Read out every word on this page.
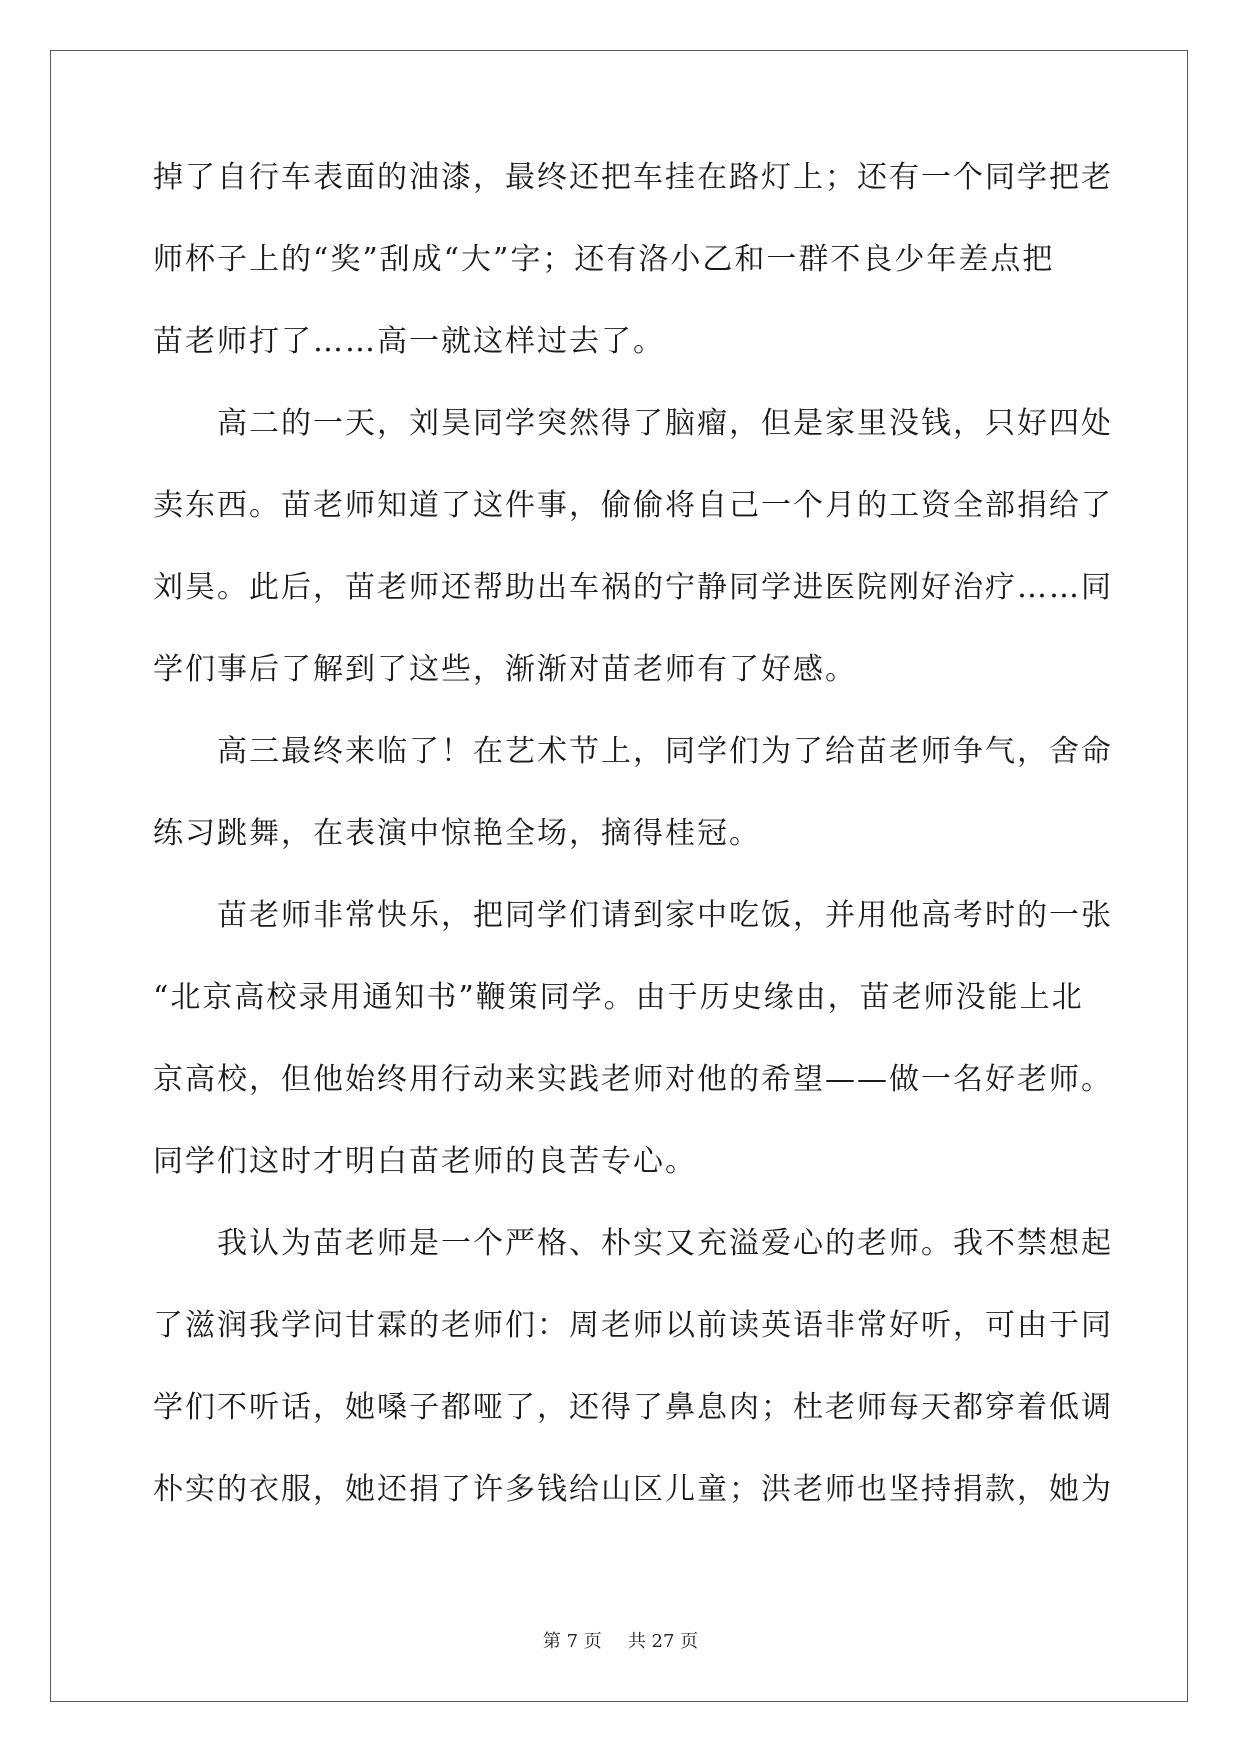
掉了自行车表面的油漆，最终还把车挂在路灯上；还有一个同学把老
师杯子上的“奖”刮成“大”字；还有洛小乙和一群不良少年差点把
苗老师打了……高一就这样过去了。
　　高二的一天，刘昊同学突然得了脑瘤，但是家里没钱，只好四处
卖东西。苗老师知道了这件事，偷偷将自己一个月的工资全部捐给了
刘昊。此后，苗老师还帮助出车祸的宁静同学进医院刚好治疗……同
学们事后了解到了这些，渐渐对苗老师有了好感。
　　高三最终来临了！在艺术节上，同学们为了给苗老师争气，舍命
练习跳舞，在表演中惊艳全场，摘得桂冠。
　　苗老师非常快乐，把同学们请到家中吃饭，并用他高考时的一张
“北京高校录用通知书”鞭策同学。由于历史缘由，苗老师没能上北
京高校，但他始终用行动来实践老师对他的希望——做一名好老师。
同学们这时才明白苗老师的良苦专心。
　　我认为苗老师是一个严格、朴实又充溢爱心的老师。我不禁想起
了滋润我学问甘霖的老师们：周老师以前读英语非常好听，可由于同
学们不听话，她嗓子都哑了，还得了鼻息肉；杜老师每天都穿着低调
朴实的衣服，她还捐了许多钱给山区儿童；洪老师也坚持捐款，她为
第 7 页 共 27 页
